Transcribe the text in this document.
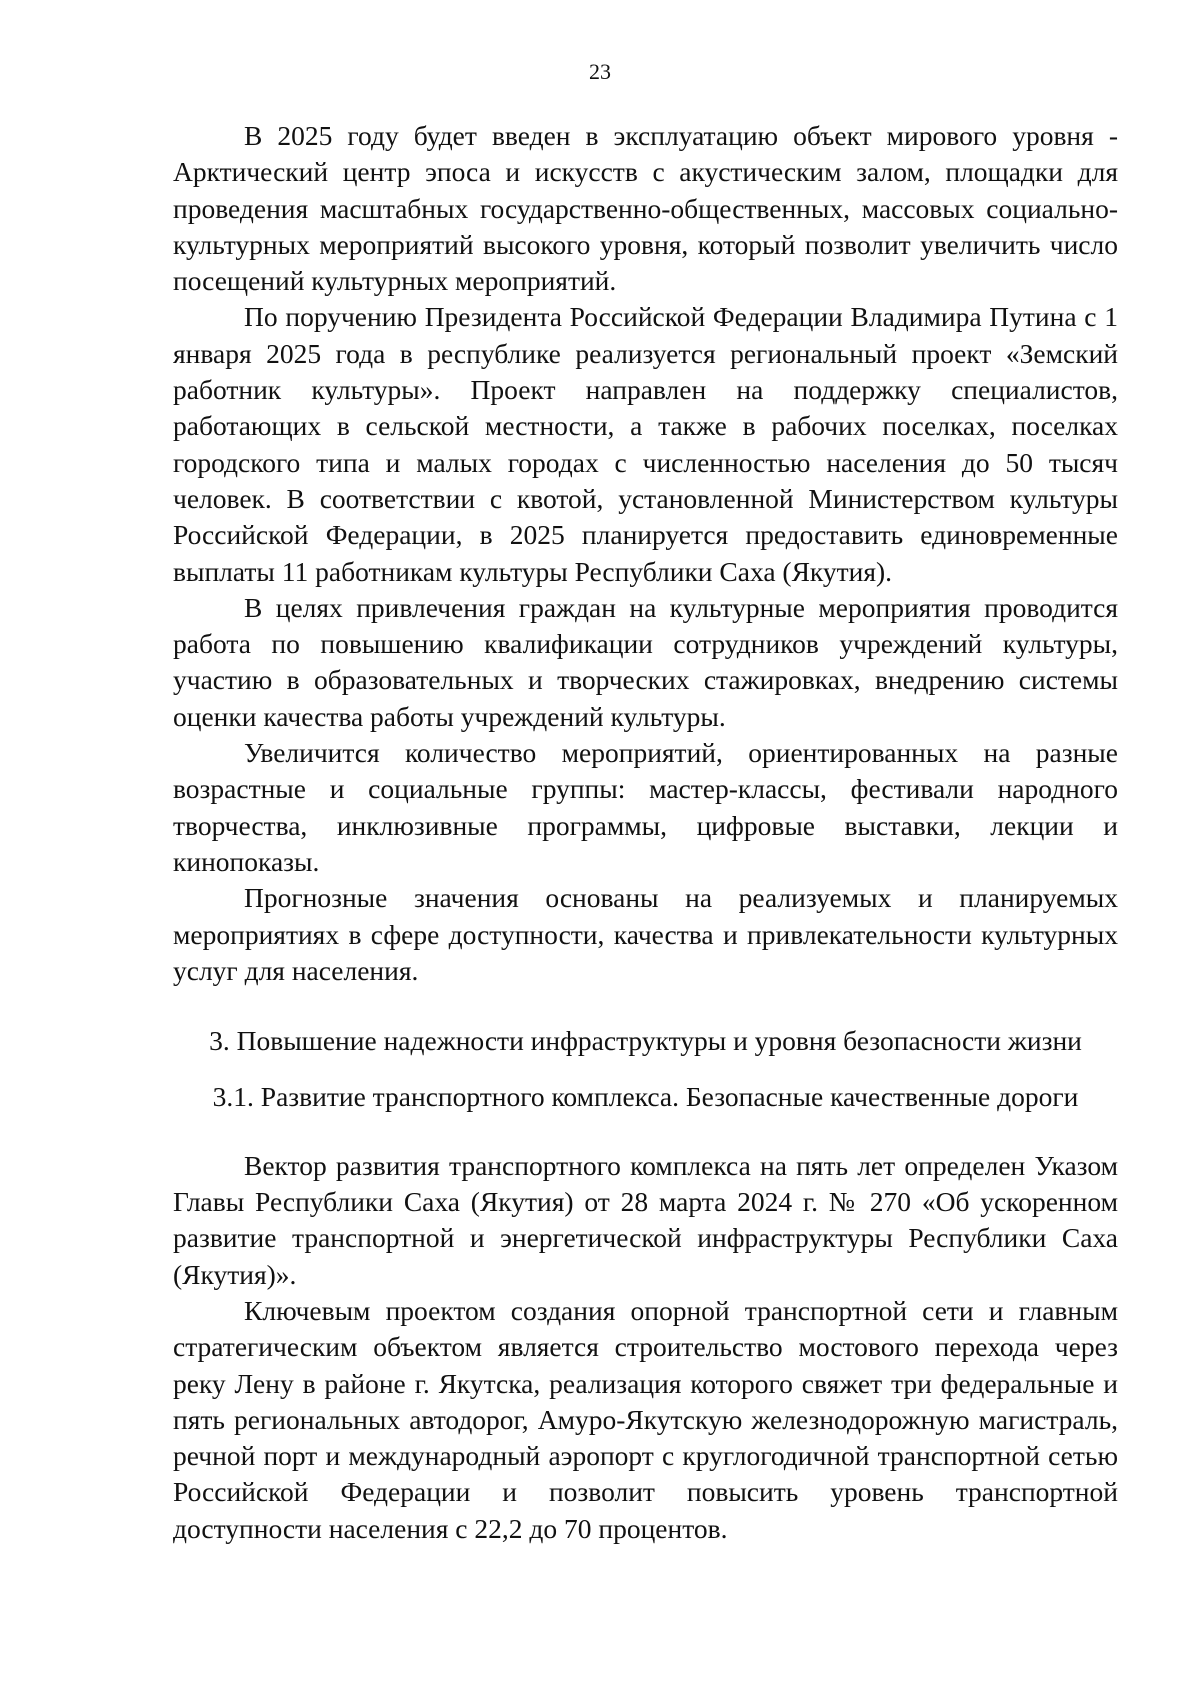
23

В 2025 году будет введен в эксплуатацию объект мирового уровня - Арктический центр эпоса и искусств с акустическим залом, площадки для проведения масштабных государственно-общественных, массовых социально-культурных мероприятий высокого уровня, который позволит увеличить число посещений культурных мероприятий.

По поручению Президента Российской Федерации Владимира Путина с 1 января 2025 года в республике реализуется региональный проект «Земский работник культуры». Проект направлен на поддержку специалистов, работающих в сельской местности, а также в рабочих поселках, поселках городского типа и малых городах с численностью населения до 50 тысяч человек. В соответствии с квотой, установленной Министерством культуры Российской Федерации, в 2025 планируется предоставить единовременные выплаты 11 работникам культуры Республики Саха (Якутия).

В целях привлечения граждан на культурные мероприятия проводится работа по повышению квалификации сотрудников учреждений культуры, участию в образовательных и творческих стажировках, внедрению системы оценки качества работы учреждений культуры.

Увеличится количество мероприятий, ориентированных на разные возрастные и социальные группы: мастер-классы, фестивали народного творчества, инклюзивные программы, цифровые выставки, лекции и кинопоказы.

Прогнозные значения основаны на реализуемых и планируемых мероприятиях в сфере доступности, качества и привлекательности культурных услуг для населения.

3. Повышение надежности инфраструктуры и уровня безопасности жизни

3.1. Развитие транспортного комплекса. Безопасные качественные дороги

Вектор развития транспортного комплекса на пять лет определен Указом Главы Республики Саха (Якутия) от 28 марта 2024 г. № 270 «Об ускоренном развитие транспортной и энергетической инфраструктуры Республики Саха (Якутия)».

Ключевым проектом создания опорной транспортной сети и главным стратегическим объектом является строительство мостового перехода через реку Лену в районе г. Якутска, реализация которого свяжет три федеральные и пять региональных автодорог, Амуро-Якутскую железнодорожную магистраль, речной порт и международный аэропорт с круглогодичной транспортной сетью Российской Федерации и позволит повысить уровень транспортной доступности населения с 22,2 до 70 процентов.
